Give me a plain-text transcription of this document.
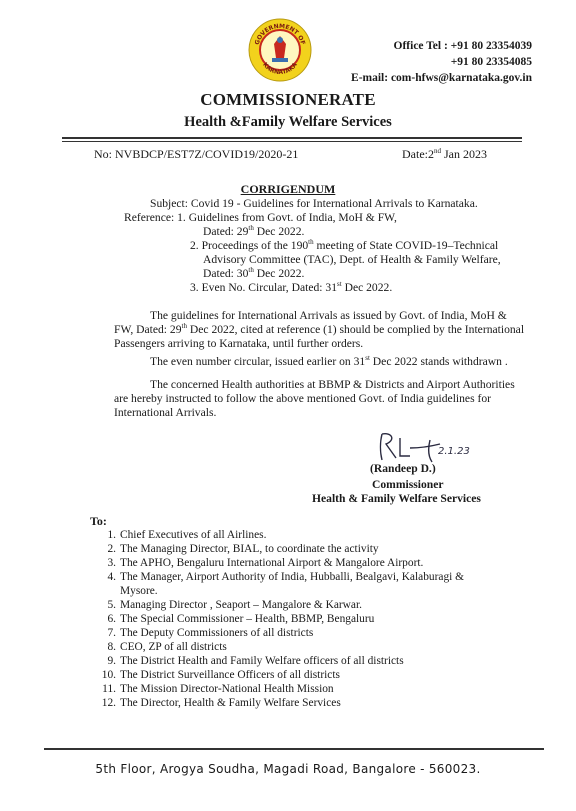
GOVERNMENT OF
KARNATAKA
Office Tel : +91 80 23354039
+91 80 23354085
E-mail: com-hfws@karnataka.gov.in
COMMISSIONERATE
Health &Family Welfare Services
No: NVBDCP/EST7Z/COVID19/2020-21	Date:2nd Jan 2023
CORRIGENDUM
Subject: Covid 19 - Guidelines for International Arrivals to Karnataka.
Reference: 1. Guidelines from Govt. of India, MoH & FW,
Dated: 29th Dec 2022.
2. Proceedings of the 190th meeting of State COVID-19–Technical
Advisory Committee (TAC), Dept. of Health & Family Welfare,
Dated: 30th Dec 2022.
3. Even No. Circular, Dated: 31st Dec 2022.
The guidelines for International Arrivals as issued by Govt. of India, MoH &
FW, Dated: 29th Dec 2022, cited at reference (1) should be complied by the International
Passengers arriving to Karnataka, until further orders.
The even number circular, issued earlier on 31st Dec 2022 stands withdrawn .
The concerned Health authorities at BBMP & Districts and Airport Authorities
are hereby instructed to follow the above mentioned Govt. of India guidelines for
International Arrivals.
2.1.23
(Randeep D.)
Commissioner
Health & Family Welfare Services
To:
1. Chief Executives of all Airlines.
2. The Managing Director, BIAL, to coordinate the activity
3. The APHO, Bengaluru International Airport & Mangalore Airport.
4. The Manager, Airport Authority of India, Hubballi, Bealgavi, Kalaburagi &
Mysore.
5. Managing Director , Seaport – Mangalore & Karwar.
6. The Special Commissioner – Health, BBMP, Bengaluru
7. The Deputy Commissioners of all districts
8. CEO, ZP of all districts
9. The District Health and Family Welfare officers of all districts
10. The District Surveillance Officers of all districts
11. The Mission Director-National Health Mission
12. The Director, Health & Family Welfare Services
5th Floor, Arogya Soudha, Magadi Road, Bangalore - 560023.
